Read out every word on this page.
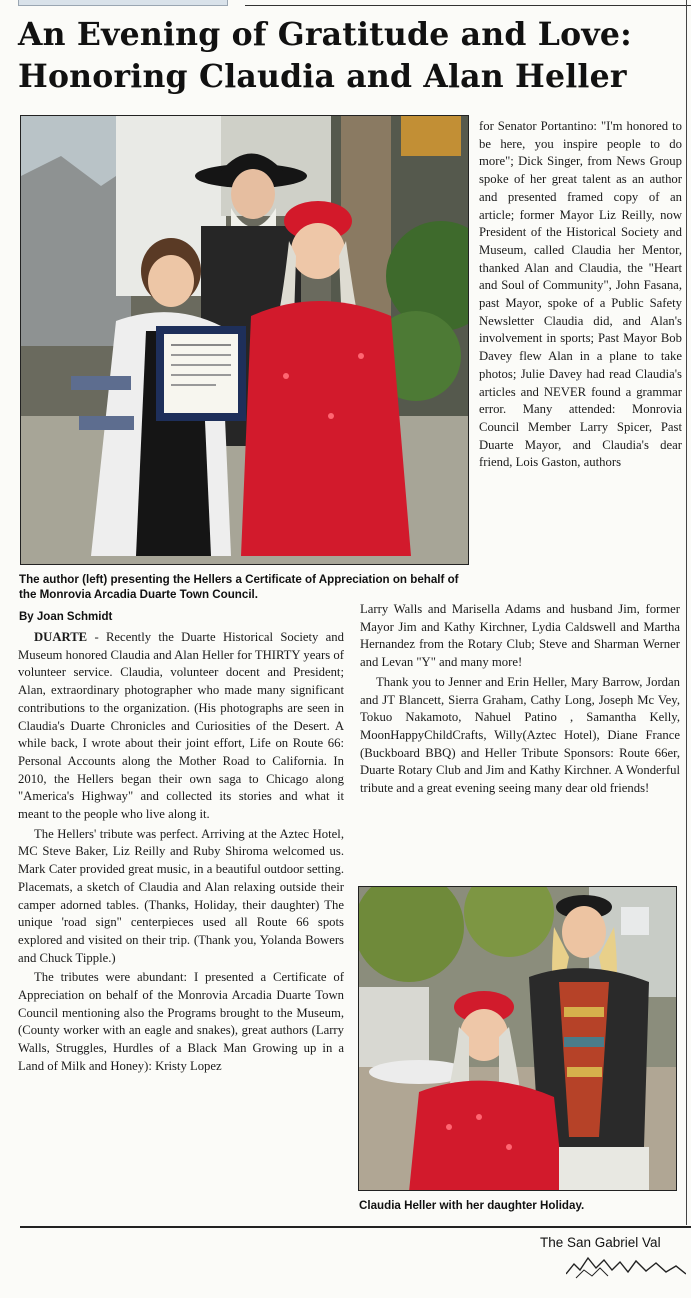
An Evening of Gratitude and Love:
Honoring Claudia and Alan Heller
The author (left) presenting the Hellers a Certificate of Appreciation on behalf of the Monrovia Arcadia Duarte Town Council.
By Joan Schmidt

for Senator Portantino: "I'm honored to be here, you inspire people to do more"; Dick Singer, from News Group spoke of her great talent as an author and presented framed copy of an article; former Mayor Liz Reilly, now President of the Historical Society and Museum, called Claudia her Mentor, thanked Alan and Claudia, the "Heart and Soul of Community", John Fasana, past Mayor, spoke of a Public Safety Newsletter Claudia did, and Alan's involvement in sports; Past Mayor Bob Davey flew Alan in a plane to take photos; Julie Davey had read Claudia's articles and NEVER found a grammar error. Many attended: Monrovia Council Member Larry Spicer, Past Duarte Mayor, and Claudia's dear friend, Lois Gaston, authors

DUARTE - Recently the Duarte Historical Society and Museum honored Claudia and Alan Heller for THIRTY years of volunteer service. Claudia, volunteer docent and President; Alan, extraordinary photographer who made many significant contributions to the organization. (His photographs are seen in Claudia's Duarte Chronicles and Curiosities of the Desert. A while back, I wrote about their joint effort, Life on Route 66: Personal Accounts along the Mother Road to California. In 2010, the Hellers began their own saga to Chicago along "America's Highway" and collected its stories and what it meant to the people who live along it.

The Hellers' tribute was perfect. Arriving at the Aztec Hotel, MC Steve Baker, Liz Reilly and Ruby Shiroma welcomed us. Mark Cater provided great music, in a beautiful outdoor setting. Placemats, a sketch of Claudia and Alan relaxing outside their camper adorned tables. (Thanks, Holiday, their daughter) The unique 'road sign" centerpieces used all Route 66 spots explored and visited on their trip. (Thank you, Yolanda Bowers and Chuck Tipple.)

The tributes were abundant: I presented a Certificate of Appreciation on behalf of the Monrovia Arcadia Duarte Town Council mentioning also the Programs brought to the Museum, (County worker with an eagle and snakes), great authors (Larry Walls, Struggles, Hurdles of a Black Man Growing up in a Land of Milk and Honey): Kristy Lopez

Larry Walls and Marisella Adams and husband Jim, former Mayor Jim and Kathy Kirchner, Lydia Caldswell and Martha Hernandez from the Rotary Club; Steve and Sharman Werner and Levan "Y" and many more!

Thank you to Jenner and Erin Heller, Mary Barrow, Jordan and JT Blancett, Sierra Graham, Cathy Long, Joseph Mc Vey, Tokuo Nakamoto, Nahuel Patino , Samantha Kelly, MoonHappyChildCrafts, Willy(Aztec Hotel), Diane France (Buckboard BBQ) and Heller Tribute Sponsors: Route 66er, Duarte Rotary Club and Jim and Kathy Kirchner. A Wonderful tribute and a great evening seeing many dear old friends!

Claudia Heller with her daughter Holiday.
The San Gabriel Val
